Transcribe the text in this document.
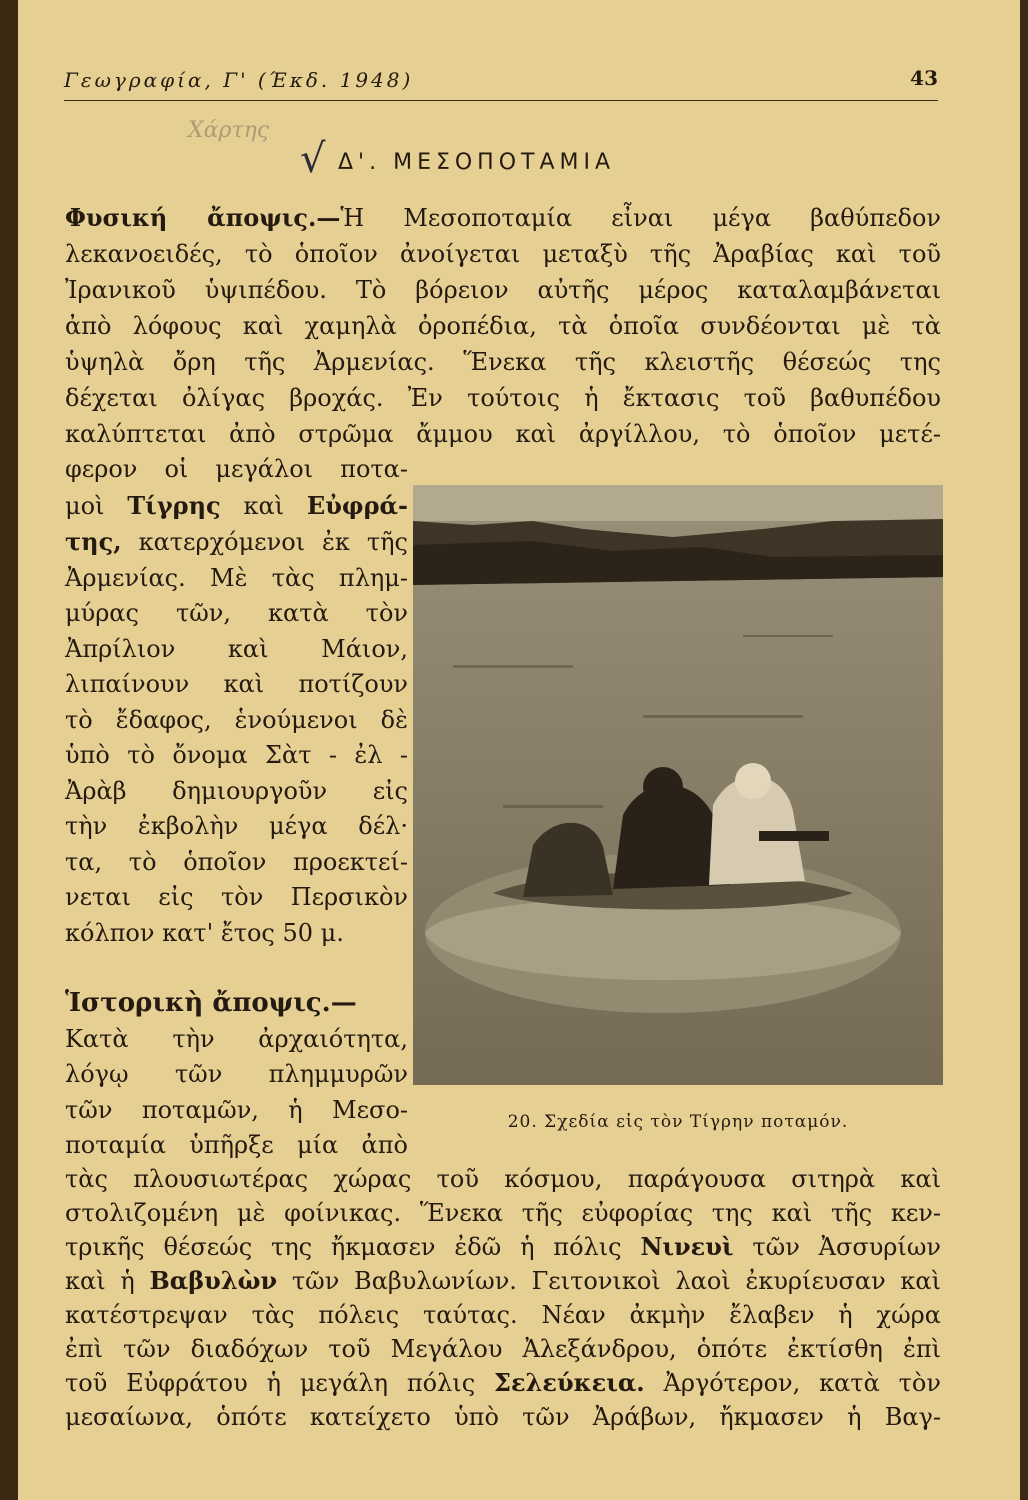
Γεωγραφία, Γ' (Έκδ. 1948)	43
Χάρτης
√ Δ'. ΜΕΣΟΠΟΤΑΜΙΑ
Φυσική ἄποψις.—Ἡ Μεσοποταμία εἶναι μέγα βαθύπεδον
λεκανοειδές, τὸ ὁποῖον ἀνοίγεται μεταξὺ τῆς Ἀραβίας καὶ τοῦ
Ἰρανικοῦ ὑψιπέδου. Τὸ βόρειον αὐτῆς μέρος καταλαμβάνεται
ἀπὸ λόφους καὶ χαμηλὰ ὀροπέδια, τὰ ὁποῖα συνδέονται μὲ τὰ
ὑψηλὰ ὄρη τῆς Ἀρμενίας. Ἕνεκα τῆς κλειστῆς θέσεώς της
δέχεται ὀλίγας βροχάς. Ἐν τούτοις ἡ ἔκτασις τοῦ βαθυπέδου
καλύπτεται ἀπὸ στρῶμα ἄμμου καὶ ἀργίλλου, τὸ ὁποῖον μετέ-
φερον οἱ μεγάλοι ποτα-
μοὶ Τίγρης καὶ Εὐφρά-
της, κατερχόμενοι ἐκ τῆς
Ἀρμενίας. Μὲ τὰς πλημ-
μύρας τῶν, κατὰ τὸν
Ἀπρίλιον καὶ Μάιον,
λιπαίνουν καὶ ποτίζουν
τὸ ἔδαφος, ἑνούμενοι δὲ
ὑπὸ τὸ ὄνομα Σὰτ - ἐλ -
Ἀρὰβ δημιουργοῦν εἰς
τὴν ἐκβολὴν μέγα δέλ·
τα, τὸ ὁποῖον προεκτεί-
νεται εἰς τὸν Περσικὸν
κόλπον κατ' ἔτος 50 μ.
Ἱστορικὴ ἄποψις.—
Κατὰ τὴν ἀρχαιότητα,
λόγῳ τῶν πλημμυρῶν
τῶν ποταμῶν, ἡ Μεσο-
ποταμία ὑπῆρξε μία ἀπὸ
20. Σχεδία εἰς τὸν Τίγρην ποταμόν.
τὰς πλουσιωτέρας χώρας τοῦ κόσμου, παράγουσα σιτηρὰ καὶ
στολιζομένη μὲ φοίνικας. Ἕνεκα τῆς εὐφορίας της καὶ τῆς κεν-
τρικῆς θέσεώς της ἤκμασεν ἐδῶ ἡ πόλις Νινευὶ τῶν Ἀσσυρίων
καὶ ἡ Βαβυλὼν τῶν Βαβυλωνίων. Γειτονικοὶ λαοὶ ἐκυρίευσαν καὶ
κατέστρεψαν τὰς πόλεις ταύτας. Νέαν ἀκμὴν ἔλαβεν ἡ χώρα
ἐπὶ τῶν διαδόχων τοῦ Μεγάλου Ἀλεξάνδρου, ὁπότε ἐκτίσθη ἐπὶ
τοῦ Εὐφράτου ἡ μεγάλη πόλις Σελεύκεια. Ἀργότερον, κατὰ τὸν
μεσαίωνα, ὁπότε κατείχετο ὑπὸ τῶν Ἀράβων, ἤκμασεν ἡ Βαγ-
